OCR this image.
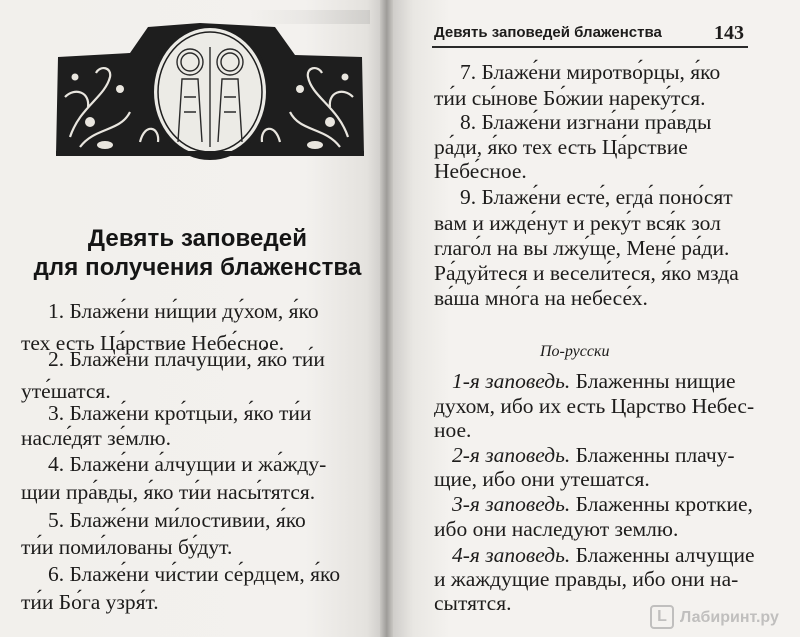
Девять заповедей
для получения блаженства
1. Блаже́ни ни́щии ду́хом, я́ко
тех есть Ца́рствие Небе́сное.
2. Блаже́ни пла́чущии, я́ко ти́и
уте́шатся.
3. Блаже́ни кро́тцыи, я́ко ти́и
насле́дят зе́млю.
4. Блаже́ни а́лчущии и жа́жду-
щии пра́вды, я́ко ти́и насы́тятся.
5. Блаже́ни ми́лостивии, я́ко
ти́и поми́лованы бу́дут.
6. Блаже́ни чи́стии се́рдцем, я́ко
ти́и Бо́га узря́т.
Девять заповедей блаженства	143
7. Блаже́ни миротво́рцы, я́ко
ти́и сы́нове Бо́жии нареку́тся.
8. Блаже́ни изгна́ни пра́вды
ра́ди, я́ко тех есть Ца́рствие
Небе́сное.
9. Блаже́ни есте́, егда́ поно́сят
вам и ижде́нут и реку́т вся́к зол
глаго́л на вы лжу́ще, Мене́ ра́ди.
Ра́дуйтеся и весели́теся, я́ко мзда
ва́ша мно́га на небесе́х.
По-русски
1-я заповедь. Блаженны нищие
духом, ибо их есть Царство Небес-
ное.
2-я заповедь. Блаженны плачу-
щие, ибо они утешатся.
3-я заповедь. Блаженны кроткие,
ибо они наследуют землю.
4-я заповедь. Блаженны алчущие
и жаждущие правды, ибо они на-
сытятся.
L Лабиринт.ру
